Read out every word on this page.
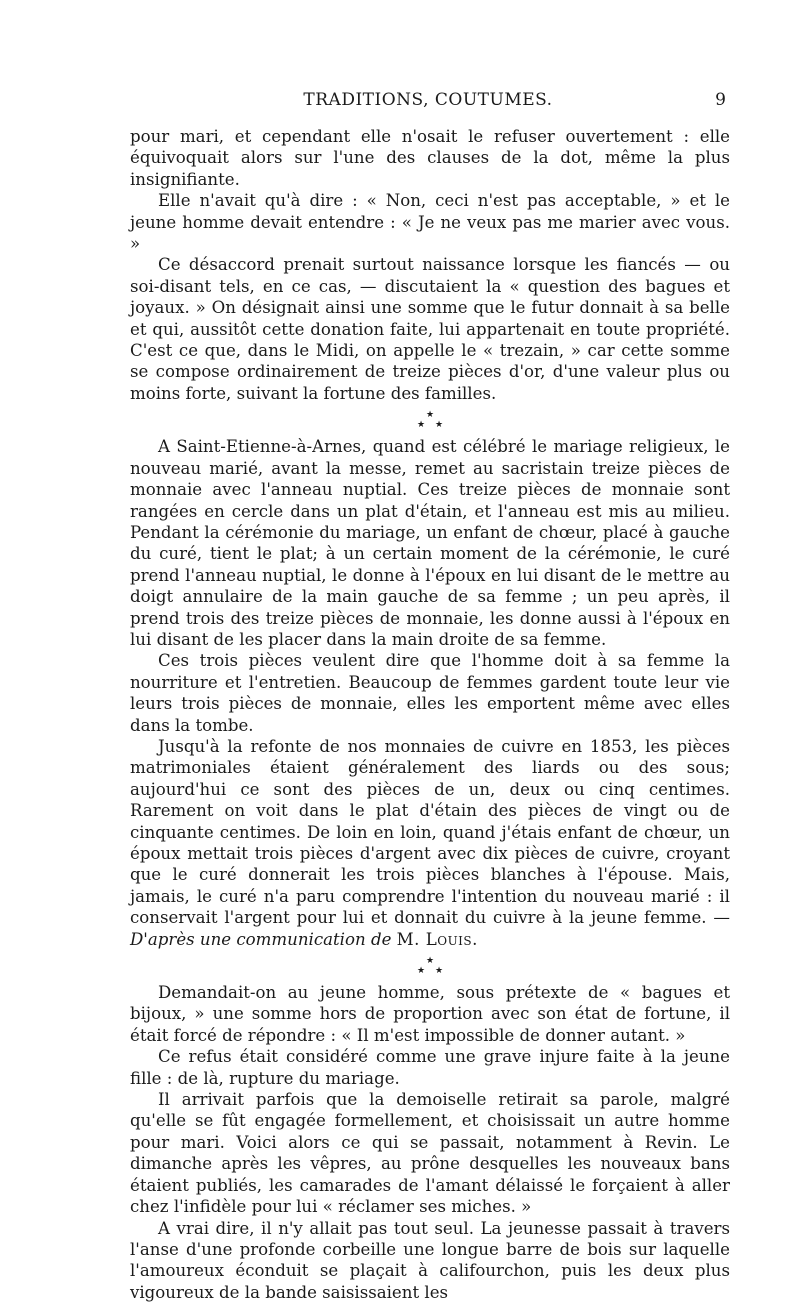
TRADITIONS, COUTUMES.	9

pour mari, et cependant elle n'osait le refuser ouvertement : elle équivoquait alors sur l'une des clauses de la dot, même la plus insignifiante.

Elle n'avait qu'à dire : « Non, ceci n'est pas acceptable, » et le jeune homme devait entendre : « Je ne veux pas me marier avec vous. »

Ce désaccord prenait surtout naissance lorsque les fiancés — ou soi-disant tels, en ce cas, — discutaient la « question des bagues et joyaux. » On désignait ainsi une somme que le futur donnait à sa belle et qui, aussitôt cette donation faite, lui appartenait en toute propriété. C'est ce que, dans le Midi, on appelle le « trezain, » car cette somme se compose ordinairement de treize pièces d'or, d'une valeur plus ou moins forte, suivant la fortune des familles.

★
★ ★

A Saint-Etienne-à-Arnes, quand est célébré le mariage religieux, le nouveau marié, avant la messe, remet au sacristain treize pièces de monnaie avec l'anneau nuptial. Ces treize pièces de monnaie sont rangées en cercle dans un plat d'étain, et l'anneau est mis au milieu. Pendant la cérémonie du mariage, un enfant de chœur, placé à gauche du curé, tient le plat; à un certain moment de la cérémonie, le curé prend l'anneau nuptial, le donne à l'époux en lui disant de le mettre au doigt annulaire de la main gauche de sa femme ; un peu après, il prend trois des treize pièces de monnaie, les donne aussi à l'époux en lui disant de les placer dans la main droite de sa femme.

Ces trois pièces veulent dire que l'homme doit à sa femme la nourriture et l'entretien. Beaucoup de femmes gardent toute leur vie leurs trois pièces de monnaie, elles les emportent même avec elles dans la tombe.

Jusqu'à la refonte de nos monnaies de cuivre en 1853, les pièces matrimoniales étaient généralement des liards ou des sous; aujourd'hui ce sont des pièces de un, deux ou cinq centimes. Rarement on voit dans le plat d'étain des pièces de vingt ou de cinquante centimes. De loin en loin, quand j'étais enfant de chœur, un époux mettait trois pièces d'argent avec dix pièces de cuivre, croyant que le curé donnerait les trois pièces blanches à l'épouse. Mais, jamais, le curé n'a paru comprendre l'intention du nouveau marié : il conservait l'argent pour lui et donnait du cuivre à la jeune femme. — D'après une communication de M. Louis.

★
★ ★

Demandait-on au jeune homme, sous prétexte de « bagues et bijoux, » une somme hors de proportion avec son état de fortune, il était forcé de répondre : « Il m'est impossible de donner autant. »

Ce refus était considéré comme une grave injure faite à la jeune fille : de là, rupture du mariage.

Il arrivait parfois que la demoiselle retirait sa parole, malgré qu'elle se fût engagée formellement, et choisissait un autre homme pour mari. Voici alors ce qui se passait, notamment à Revin. Le dimanche après les vêpres, au prône desquelles les nouveaux bans étaient publiés, les camarades de l'amant délaissé le forçaient à aller chez l'infidèle pour lui « réclamer ses miches. »

A vrai dire, il n'y allait pas tout seul. La jeunesse passait à travers l'anse d'une profonde corbeille une longue barre de bois sur laquelle l'amoureux éconduit se plaçait à califourchon, puis les deux plus vigoureux de la bande saisissaient les
